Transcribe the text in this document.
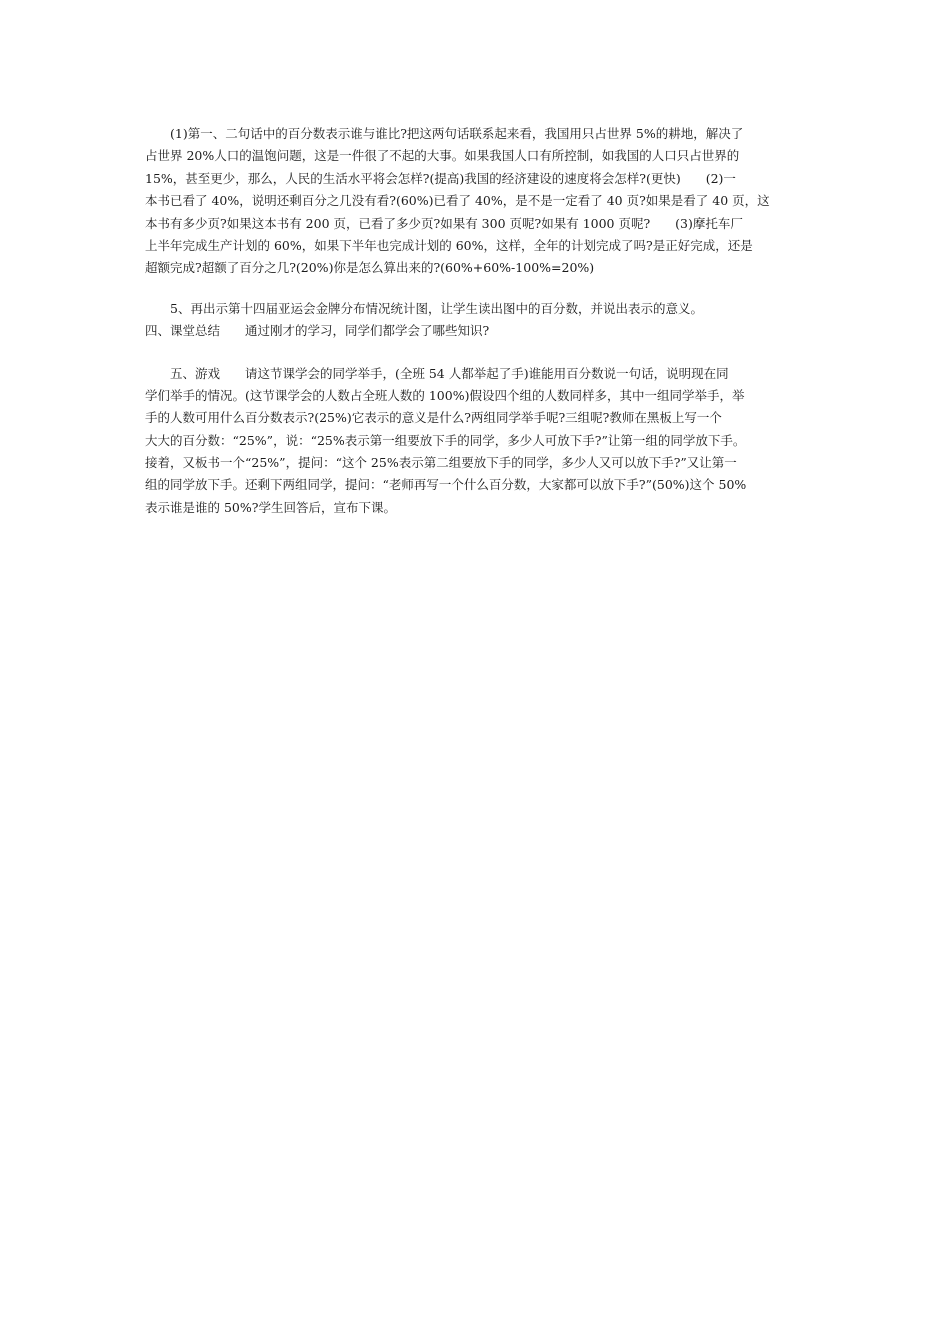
　　(1)第一、二句话中的百分数表示谁与谁比?把这两句话联系起来看，我国用只占世界 5%的耕地，解决了
占世界 20%人口的温饱问题，这是一件很了不起的大事。如果我国人口有所控制，如我国的人口只占世界的
15%，甚至更少，那么，人民的生活水平将会怎样?(提高)我国的经济建设的速度将会怎样?(更快)　　(2)一
本书已看了 40%，说明还剩百分之几没有看?(60%)已看了 40%，是不是一定看了 40 页?如果是看了 40 页，这
本书有多少页?如果这本书有 200 页，已看了多少页?如果有 300 页呢?如果有 1000 页呢?　　(3)摩托车厂
上半年完成生产计划的 60%，如果下半年也完成计划的 60%，这样，全年的计划完成了吗?是正好完成，还是
超额完成?超额了百分之几?(20%)你是怎么算出来的?(60%+60%-100%=20%)
　　5、再出示第十四届亚运会金牌分布情况统计图，让学生读出图中的百分数，并说出表示的意义。
四、课堂总结　　通过刚才的学习，同学们都学会了哪些知识?
　　五、游戏　　请这节课学会的同学举手，(全班 54 人都举起了手)谁能用百分数说一句话，说明现在同
学们举手的情况。(这节课学会的人数占全班人数的 100%)假设四个组的人数同样多，其中一组同学举手，举
手的人数可用什么百分数表示?(25%)它表示的意义是什么?两组同学举手呢?三组呢?教师在黑板上写一个
大大的百分数：“25%”，说：“25%表示第一组要放下手的同学，多少人可放下手?”让第一组的同学放下手。
接着，又板书一个“25%”，提问：“这个 25%表示第二组要放下手的同学，多少人又可以放下手?”又让第一
组的同学放下手。还剩下两组同学，提问：“老师再写一个什么百分数，大家都可以放下手?”(50%)这个 50%
表示谁是谁的 50%?学生回答后，宣布下课。
